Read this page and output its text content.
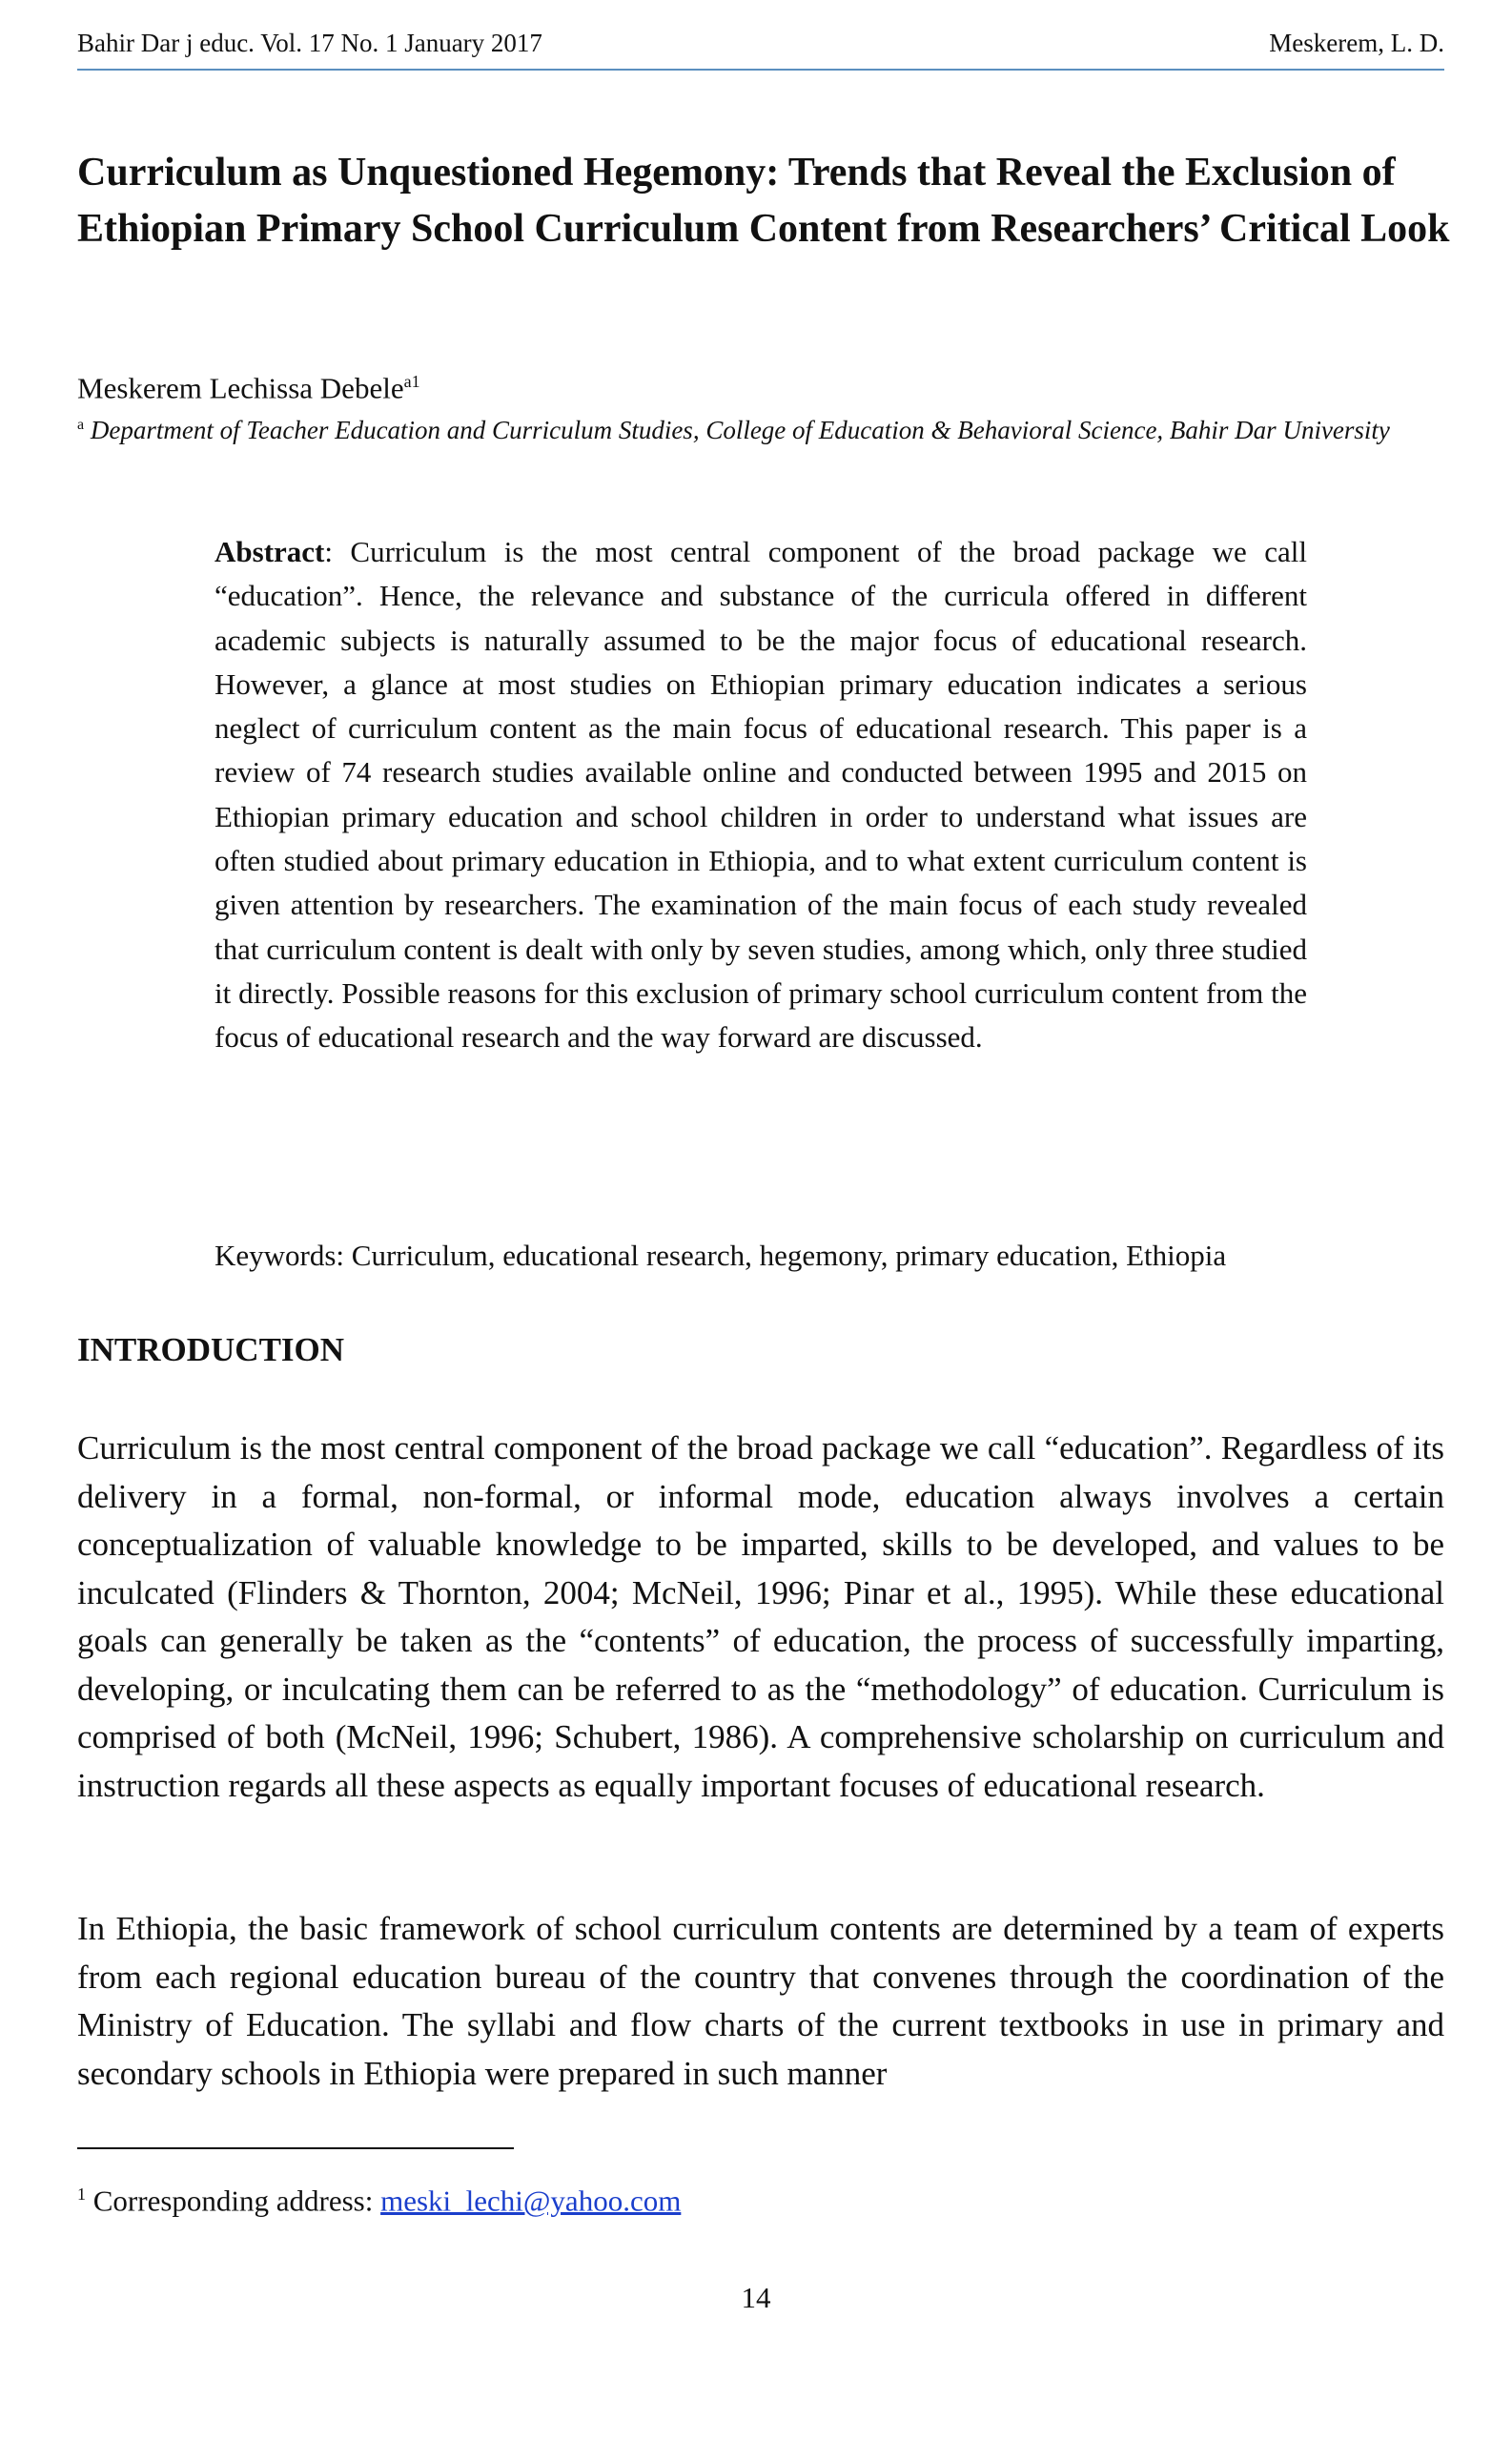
Bahir Dar j educ. Vol. 17 No. 1 January 2017	Meskerem, L. D.
Curriculum as Unquestioned Hegemony: Trends that Reveal the Exclusion of Ethiopian Primary School Curriculum Content from Researchers’ Critical Look
Meskerem Lechissa Debele$^{a1}$
$^a$ Department of Teacher Education and Curriculum Studies, College of Education & Behavioral Science, Bahir Dar University

Abstract: Curriculum is the most central component of the broad package we call “education”. Hence, the relevance and substance of the curricula offered in different academic subjects is naturally assumed to be the major focus of educational research. However, a glance at most studies on Ethiopian primary education indicates a serious neglect of curriculum content as the main focus of educational research. This paper is a review of 74 research studies available online and conducted between 1995 and 2015 on Ethiopian primary education and school children in order to understand what issues are often studied about primary education in Ethiopia, and to what extent curriculum content is given attention by researchers. The examination of the main focus of each study revealed that curriculum content is dealt with only by seven studies, among which, only three studied it directly. Possible reasons for this exclusion of primary school curriculum content from the focus of educational research and the way forward are discussed.

Keywords: Curriculum, educational research, hegemony, primary education, Ethiopia
INTRODUCTION

Curriculum is the most central component of the broad package we call “education”. Regardless of its delivery in a formal, non-formal, or informal mode, education always involves a certain conceptualization of valuable knowledge to be imparted, skills to be developed, and values to be inculcated (Flinders & Thornton, 2004; McNeil, 1996; Pinar et al., 1995). While these educational goals can generally be taken as the “contents” of education, the process of successfully imparting, developing, or inculcating them can be referred to as the “methodology” of education. Curriculum is comprised of both (McNeil, 1996; Schubert, 1986). A comprehensive scholarship on curriculum and instruction regards all these aspects as equally important focuses of educational research.

In Ethiopia, the basic framework of school curriculum contents are determined by a team of experts from each regional education bureau of the country that convenes through the coordination of the Ministry of Education. The syllabi and flow charts of the current textbooks in use in primary and secondary schools in Ethiopia were prepared in such manner

$^1$ Corresponding address: meski_lechi@yahoo.com
14
